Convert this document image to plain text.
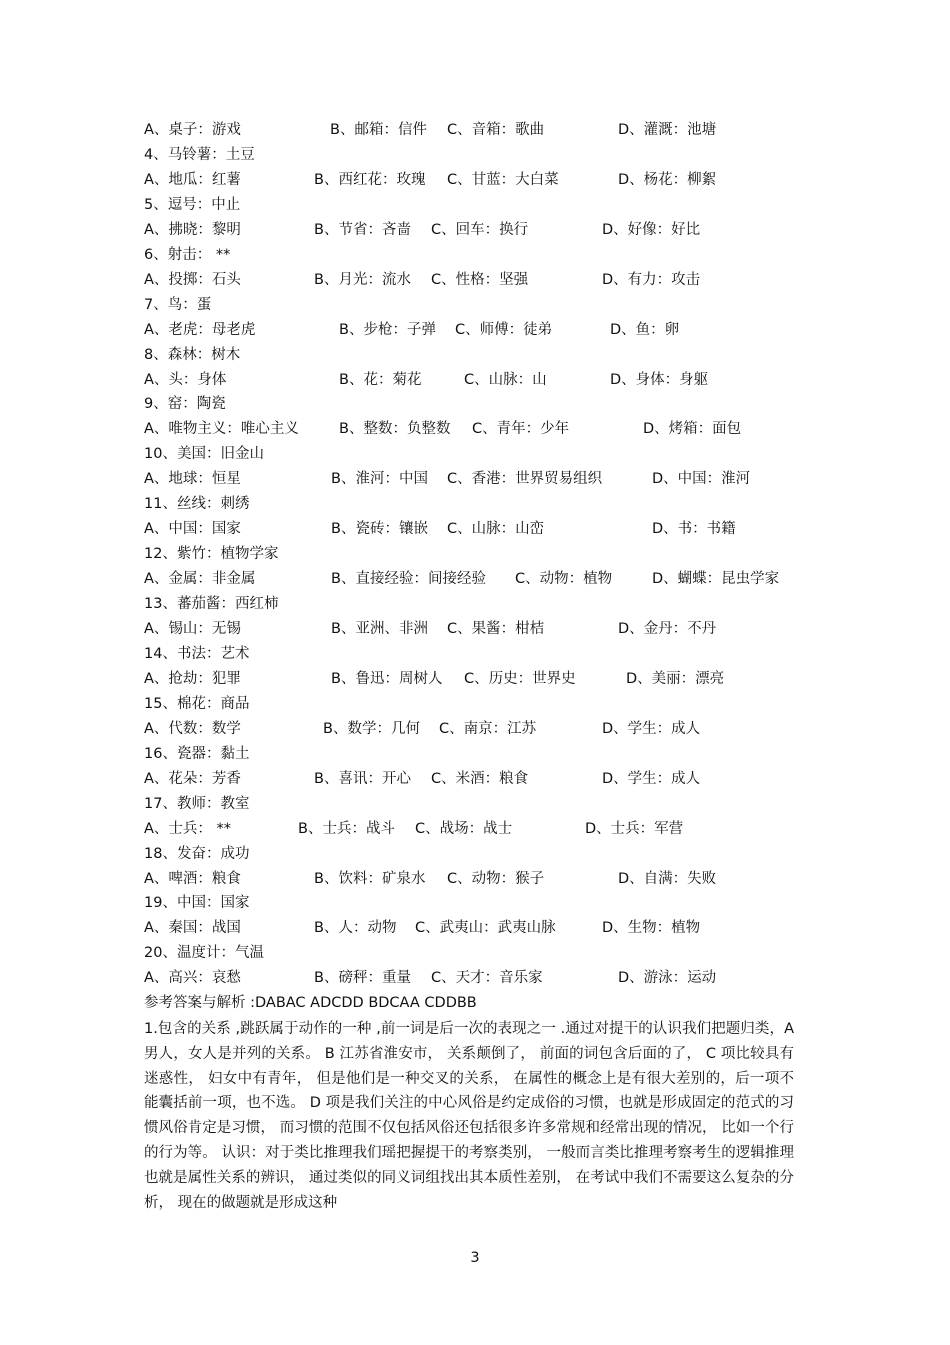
A、桌子：游戏	B、邮箱：信件 C、音箱：歌曲	D、灌溉：池塘
4、马铃薯：土豆
A、地瓜：红薯	B、西红花：玫瑰 C、甘蓝：大白菜	D、杨花：柳絮
5、逗号：中止
A、拂晓：黎明	B、节省：吝啬 C、回车：换行	D、好像：好比
6、射击： **
A、投掷：石头	B、月光：流水 C、性格：坚强	D、有力：攻击
7、鸟：蛋
A、老虎：母老虎	B、步枪：子弹 C、师傅：徒弟	D、鱼：卵
8、森林：树木
A、头：身体	B、花：菊花	C、山脉：山	D、身体：身躯
9、窑：陶瓷
A、唯物主义：唯心主义	B、整数：负整数 C、青年：少年	D、烤箱：面包
10、美国：旧金山
A、地球：恒星	B、淮河：中国 C、香港：世界贸易组织	D、中国：淮河
11、丝线：刺绣
A、中国：国家	B、瓷砖：镶嵌 C、山脉：山峦	D、书：书籍
12、紫竹：植物学家
A、金属：非金属	B、直接经验：间接经验 C、动物：植物	D、蝴蝶：昆虫学家
13、蕃茄酱：西红柿
A、锡山：无锡	B、亚洲、非洲 C、果酱：柑桔	D、金丹：不丹
14、书法：艺术
A、抢劫：犯罪	B、鲁迅：周树人 C、历史：世界史	D、美丽：漂亮
15、棉花：商品
A、代数：数学	B、数学：几何 C、南京：江苏	D、学生：成人
16、瓷器：黏土
A、花朵：芳香	B、喜讯：开心 C、米酒：粮食	D、学生：成人
17、教师：教室
A、士兵： **	B、士兵：战斗 C、战场：战士	D、士兵：军营
18、发奋：成功
A、啤酒：粮食	B、饮料：矿泉水 C、动物：猴子	D、自满：失败
19、中国：国家
A、秦国：战国	B、人：动物 C、武夷山：武夷山脉	D、生物：植物
20、温度计：气温
A、高兴：哀愁	B、磅秤：重量 C、天才：音乐家	D、游泳：运动
参考答案与解析 :DABAC ADCDD BDCAA CDDBB
1.包含的关系 ,跳跃属于动作的一种 ,前一词是后一次的表现之一 .通过对提干的认识我们把题归类，A 男人，女人是并列的关系。 B 江苏省淮安市， 关系颠倒了， 前面的词包含后面的了， C 项比较具有迷惑性， 妇女中有青年， 但是他们是一种交叉的关系， 在属性的概念上是有很大差别的，后一项不能囊括前一项，也不选。 D 项是我们关注的中心风俗是约定成俗的习惯，也就是形成固定的范式的习惯风俗肯定是习惯， 而习惯的范围不仅包括风俗还包括很多许多常规和经常出现的情况， 比如一个行的行为等。 认识：对于类比推理我们瑶把握提干的考察类别， 一般而言类比推理考察考生的逻辑推理也就是属性关系的辨识， 通过类似的同义词组找出其本质性差别， 在考试中我们不需要这么复杂的分析， 现在的做题就是形成这种
3
